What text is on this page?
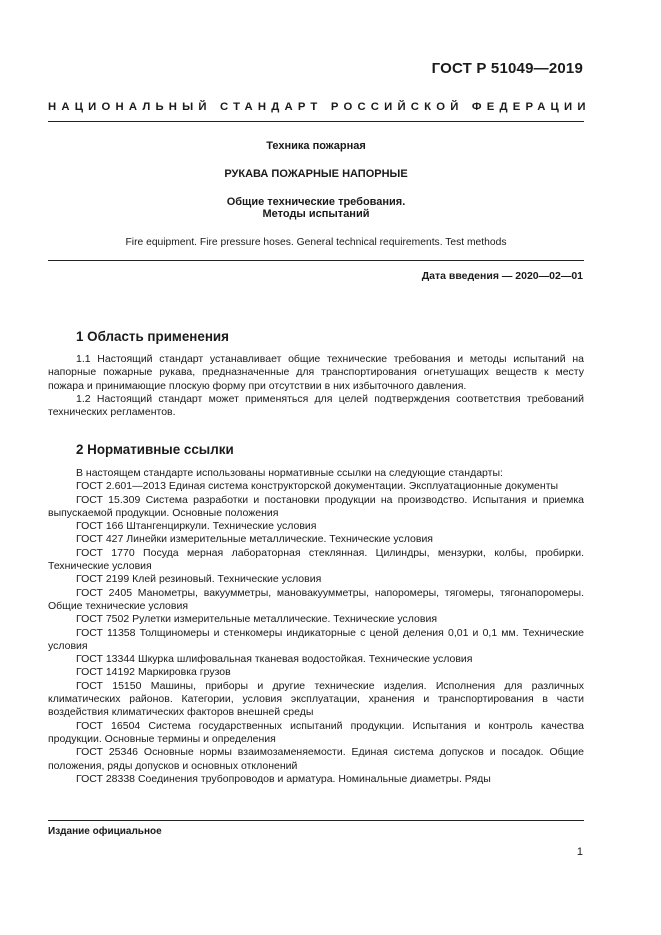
ГОСТ Р 51049—2019
НАЦИОНАЛЬНЫЙ СТАНДАРТ РОССИЙСКОЙ ФЕДЕРАЦИИ
Техника пожарная
РУКАВА ПОЖАРНЫЕ НАПОРНЫЕ
Общие технические требования.
Методы испытаний
Fire equipment. Fire pressure hoses. General technical requirements. Test methods
Дата введения — 2020—02—01
1 Область применения

1.1 Настоящий стандарт устанавливает общие технические требования и методы испытаний на напорные пожарные рукава, предназначенные для транспортирования огнетушащих веществ к месту пожара и принимающие плоскую форму при отсутствии в них избыточного давления.

1.2 Настоящий стандарт может применяться для целей подтверждения соответствия требований технических регламентов.

2 Нормативные ссылки

В настоящем стандарте использованы нормативные ссылки на следующие стандарты:

ГОСТ 2.601—2013 Единая система конструкторской документации. Эксплуатационные документы

ГОСТ 15.309 Система разработки и постановки продукции на производство. Испытания и приемка выпускаемой продукции. Основные положения

ГОСТ 166 Штангенциркули. Технические условия

ГОСТ 427 Линейки измерительные металлические. Технические условия

ГОСТ 1770 Посуда мерная лабораторная стеклянная. Цилиндры, мензурки, колбы, пробирки. Технические условия

ГОСТ 2199 Клей резиновый. Технические условия

ГОСТ 2405 Манометры, вакуумметры, мановакуумметры, напоромеры, тягомеры, тягонапоромеры. Общие технические условия

ГОСТ 7502 Рулетки измерительные металлические. Технические условия

ГОСТ 11358 Толщиномеры и стенкомеры индикаторные с ценой деления 0,01 и 0,1 мм. Технические условия

ГОСТ 13344 Шкурка шлифовальная тканевая водостойкая. Технические условия

ГОСТ 14192 Маркировка грузов

ГОСТ 15150 Машины, приборы и другие технические изделия. Исполнения для различных климатических районов. Категории, условия эксплуатации, хранения и транспортирования в части воздействия климатических факторов внешней среды

ГОСТ 16504 Система государственных испытаний продукции. Испытания и контроль качества продукции. Основные термины и определения

ГОСТ 25346 Основные нормы взаимозаменяемости. Единая система допусков и посадок. Общие положения, ряды допусков и основных отклонений

ГОСТ 28338 Соединения трубопроводов и арматура. Номинальные диаметры. Ряды

Издание официальное
1
